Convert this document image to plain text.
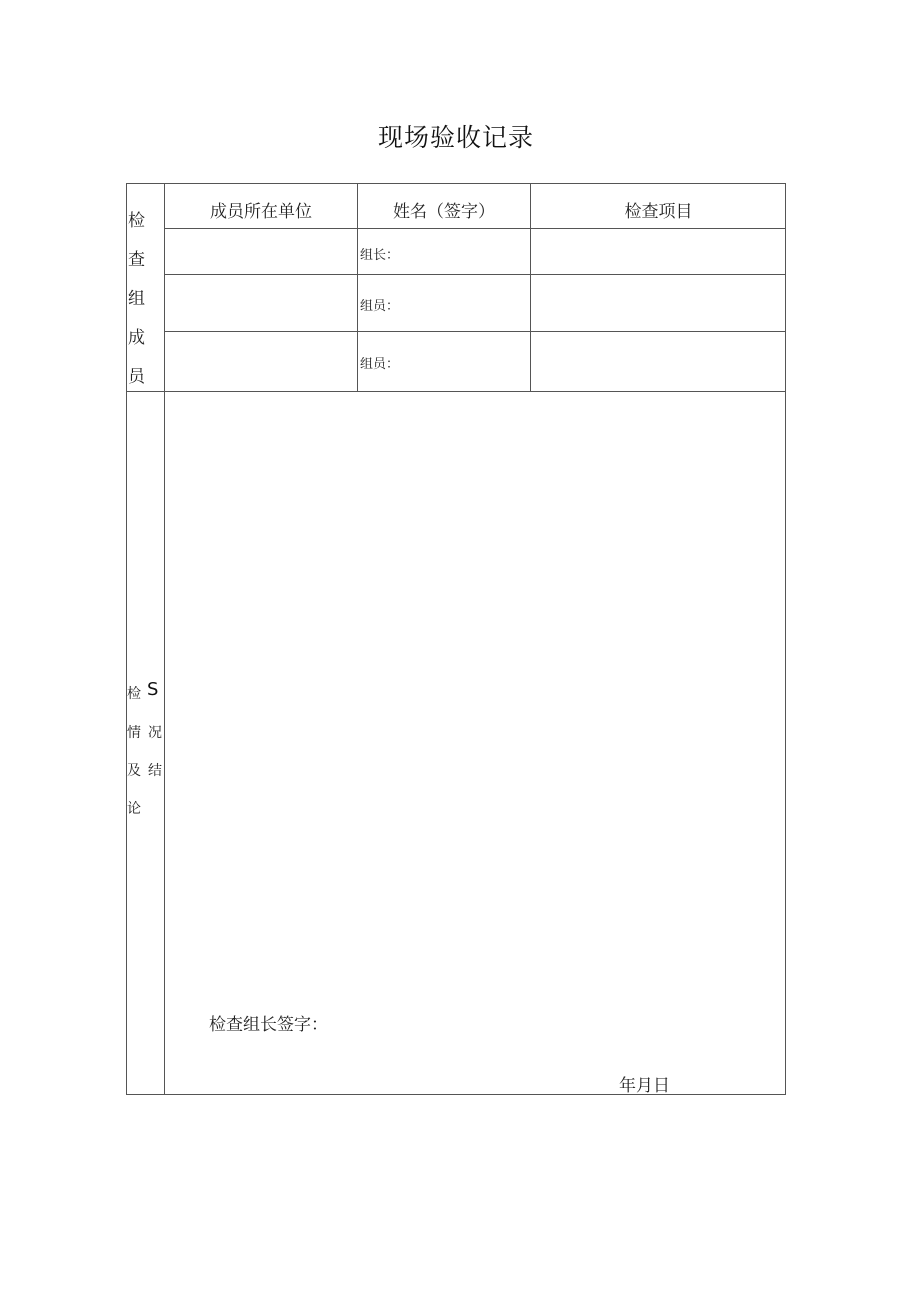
现场验收记录
检
查
组
成
员
成员所在单位	姓名（签字）	检查项目
组长：
组员：
组员：
检 S
情 况
及 结
论
检查组长签字：
年月日
